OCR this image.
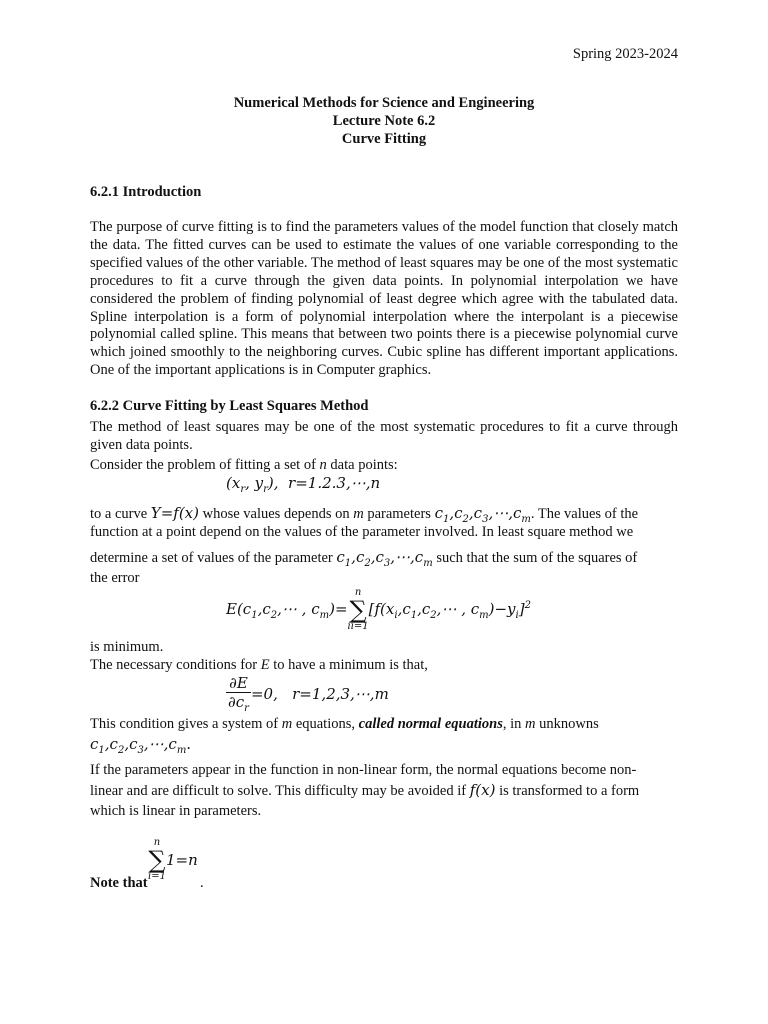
Spring 2023-2024
Numerical Methods for Science and Engineering
Lecture Note 6.2
Curve Fitting
6.2.1 Introduction
The purpose of curve fitting is to find the parameters values of the model function that closely match the data. The fitted curves can be used to estimate the values of one variable corresponding to the specified values of the other variable. The method of least squares may be one of the most systematic procedures to fit a curve through the given data points. In polynomial interpolation we have considered the problem of finding polynomial of least degree which agree with the tabulated data. Spline interpolation is a form of polynomial interpolation where the interpolant is a piecewise polynomial called spline. This means that between two points there is a piecewise polynomial curve which joined smoothly to the neighboring curves. Cubic spline has different important applications. One of the important applications is in Computer graphics.
6.2.2 Curve Fitting by Least Squares Method
The method of least squares may be one of the most systematic procedures to fit a curve through given data points.
Consider the problem of fitting a set of n data points:
($x_r$, $y_r$),  r=1.2.3,⋯,n
to a curve Y=f(x) whose values depends on m parameters $c_1,c_2,c_3,\cdots,c_m$. The values of the
function at a point depend on the values of the parameter involved. In least square method we
determine a set of values of the parameter $c_1,c_2,c_3,\cdots,c_m$ such that the sum of the squares of
the error
$E(c_1,c_2,\cdots$ , $c_m)=$
n
∑
ii=1
[$f(x_i,c_1,c_2,\cdots$ , $c_m)-y_i]^2$
is minimum.
The necessary conditions for E to have a minimum is that,
$\frac{\partial E}{\partial c_r} =0$,   r=1,2,3,⋯,m
This condition gives a system of m equations, called normal equations, in m unknowns
$c_1,c_2,c_3,\cdots,c_m$.
If the parameters appear in the function in non-linear form, the normal equations become non-
linear and are difficult to solve. This difficulty may be avoided if f(x) is transformed to a form
which is linear in parameters.
n
∑
i=1
1=n
Note that	.
